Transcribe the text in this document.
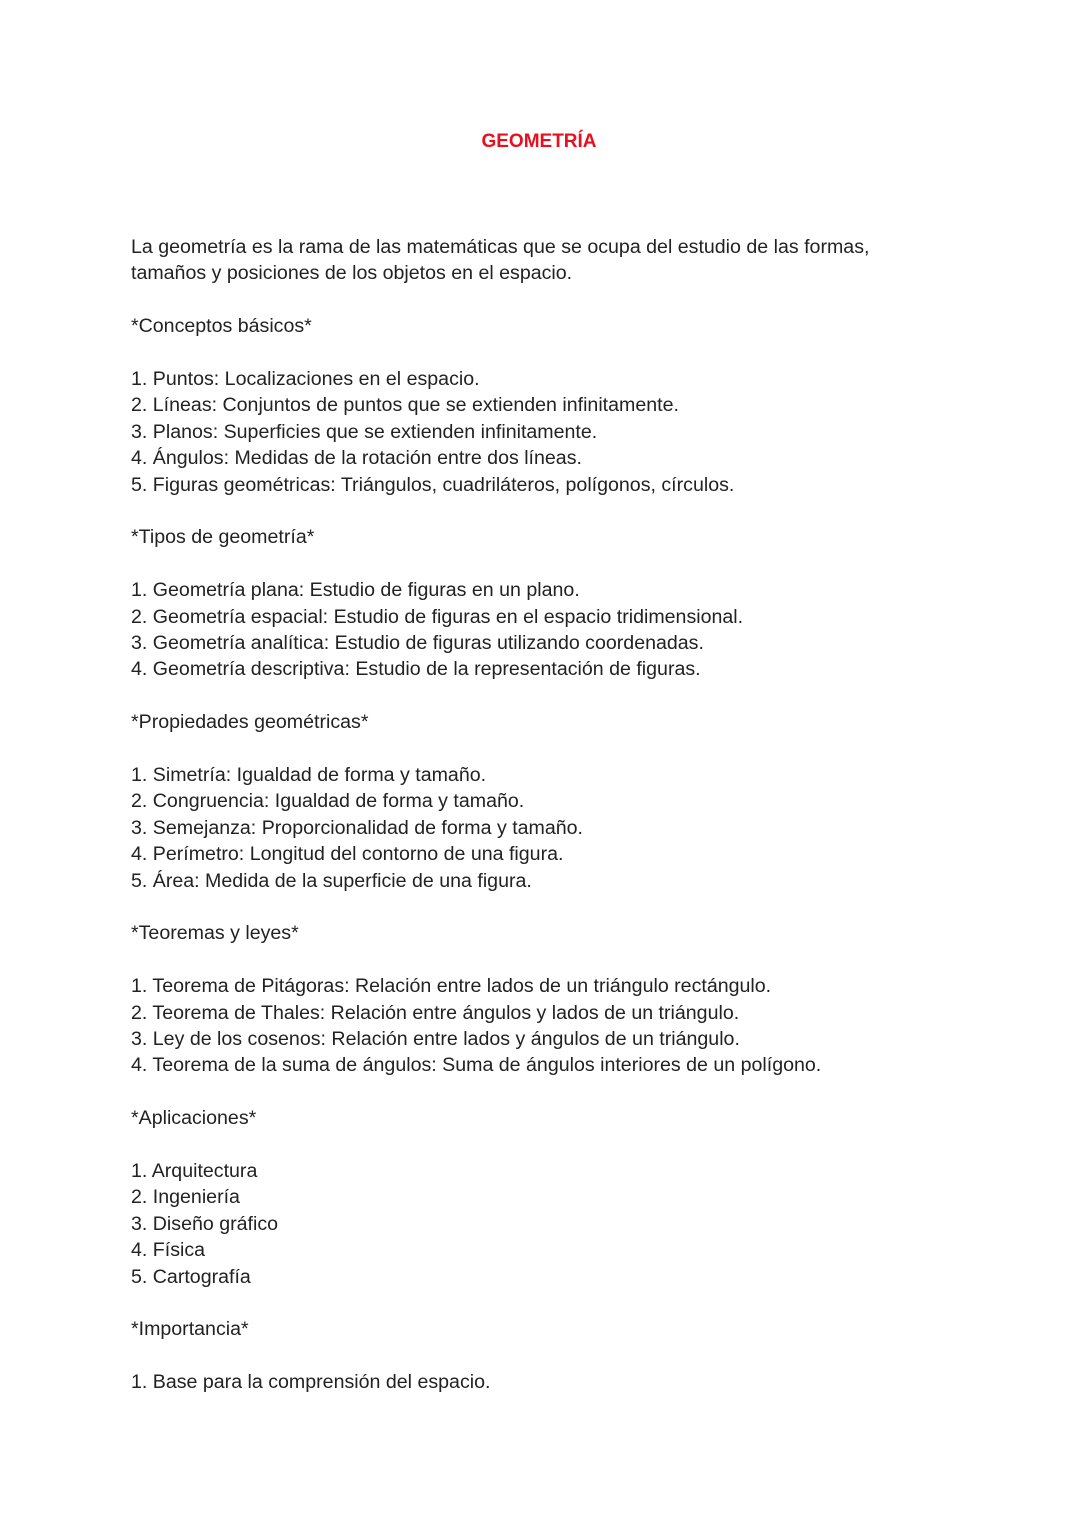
GEOMETRÍA
La geometría es la rama de las matemáticas que se ocupa del estudio de las formas,
tamaños y posiciones de los objetos en el espacio.
*Conceptos básicos*
1. Puntos: Localizaciones en el espacio.
2. Líneas: Conjuntos de puntos que se extienden infinitamente.
3. Planos: Superficies que se extienden infinitamente.
4. Ángulos: Medidas de la rotación entre dos líneas.
5. Figuras geométricas: Triángulos, cuadriláteros, polígonos, círculos.
*Tipos de geometría*
1. Geometría plana: Estudio de figuras en un plano.
2. Geometría espacial: Estudio de figuras en el espacio tridimensional.
3. Geometría analítica: Estudio de figuras utilizando coordenadas.
4. Geometría descriptiva: Estudio de la representación de figuras.
*Propiedades geométricas*
1. Simetría: Igualdad de forma y tamaño.
2. Congruencia: Igualdad de forma y tamaño.
3. Semejanza: Proporcionalidad de forma y tamaño.
4. Perímetro: Longitud del contorno de una figura.
5. Área: Medida de la superficie de una figura.
*Teoremas y leyes*
1. Teorema de Pitágoras: Relación entre lados de un triángulo rectángulo.
2. Teorema de Thales: Relación entre ángulos y lados de un triángulo.
3. Ley de los cosenos: Relación entre lados y ángulos de un triángulo.
4. Teorema de la suma de ángulos: Suma de ángulos interiores de un polígono.
*Aplicaciones*
1. Arquitectura
2. Ingeniería
3. Diseño gráfico
4. Física
5. Cartografía
*Importancia*
1. Base para la comprensión del espacio.
